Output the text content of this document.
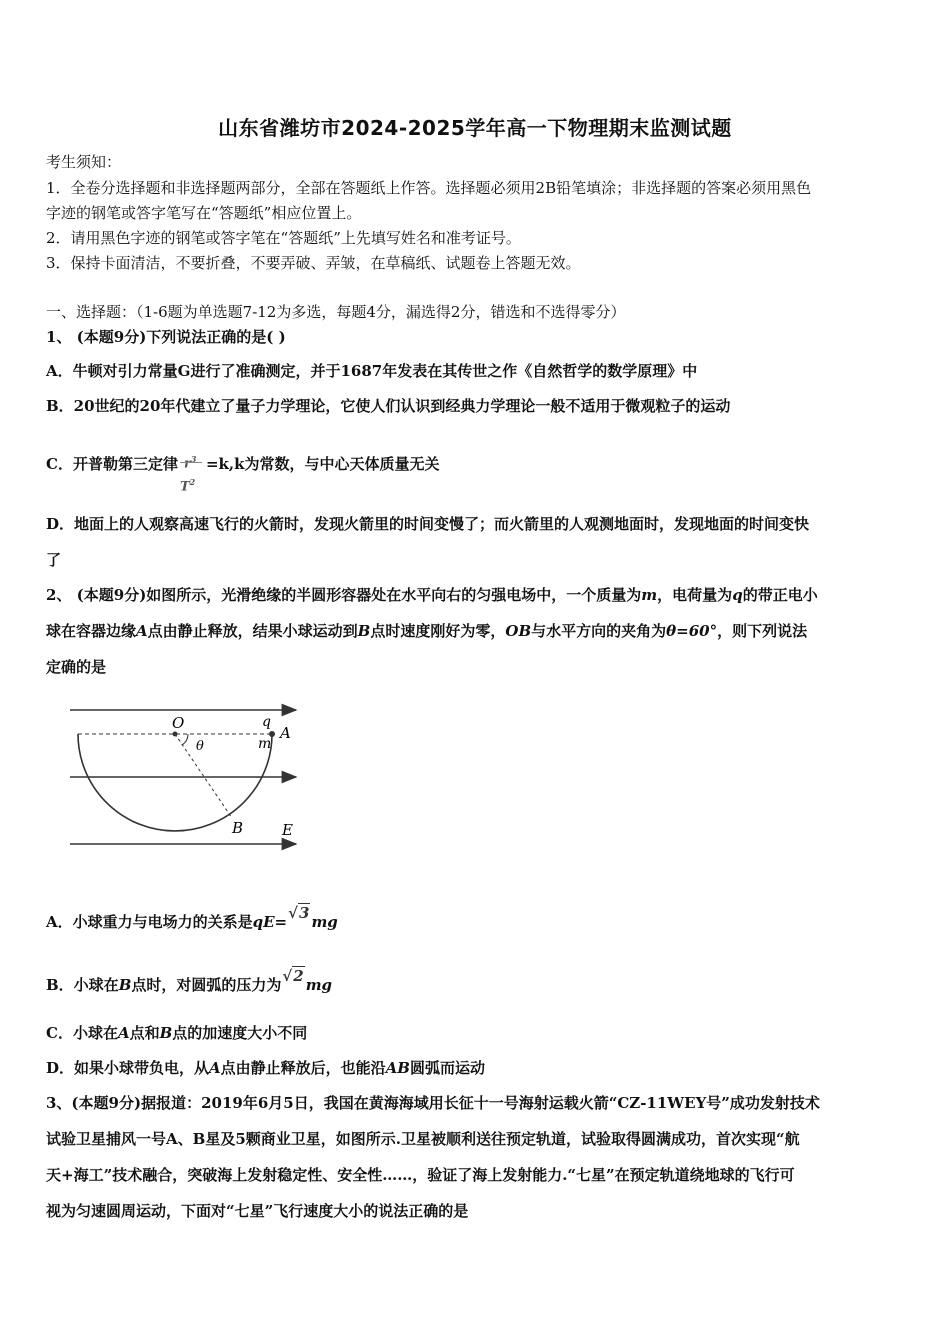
山东省潍坊市2024-2025学年高一下物理期末监测试题
考生须知：
1．全卷分选择题和非选择题两部分，全部在答题纸上作答。选择题必须用2B铅笔填涂；非选择题的答案必须用黑色
字迹的钢笔或答字笔写在“答题纸”相应位置上。
2．请用黑色字迹的钢笔或答字笔在“答题纸”上先填写姓名和准考证号。
3．保持卡面清洁，不要折叠，不要弄破、弄皱，在草稿纸、试题卷上答题无效。
一、选择题：（1-6题为单选题7-12为多选，每题4分，漏选得2分，错选和不选得零分）
1、 (本题9分)下列说法正确的是( )
A．牛顿对引力常量G进行了准确测定，并于1687年发表在其传世之作《自然哲学的数学原理》中
B．20世纪的20年代建立了量子力学理论，它使人们认识到经典力学理论一般不适用于微观粒子的运动
C．开普勒第三定律 $r^3$
$T^2$
=k,k为常数，与中心天体质量无关
D．地面上的人观察高速飞行的火箭时，发现火箭里的时间变慢了；而火箭里的人观测地面时，发现地面的时间变快
了
2、 (本题9分)如图所示，光滑绝缘的半圆形容器处在水平向右的匀强电场中，一个质量为m，电荷量为q的带正电小
球在容器边缘A点由静止释放，结果小球运动到B点时速度刚好为零，OB与水平方向的夹角为θ=60°，则下列说法
定确的是
O	q
m
A
θ
B	E
A．小球重力与电场力的关系是qE=√3 mg
B．小球在B点时，对圆弧的压力为√2 mg
C．小球在A点和B点的加速度大小不同
D．如果小球带负电，从A点由静止释放后，也能沿AB圆弧而运动
3、(本题9分)据报道：2019年6月5日，我国在黄海海域用长征十一号海射运载火箭“CZ-11WEY号”成功发射技术
试验卫星捕风一号A、B星及5颗商业卫星，如图所示.卫星被顺利送往预定轨道，试验取得圆满成功，首次实现“航
天+海工”技术融合，突破海上发射稳定性、安全性……，验证了海上发射能力.“七星”在预定轨道绕地球的飞行可
视为匀速圆周运动，下面对“七星”飞行速度大小的说法正确的是
